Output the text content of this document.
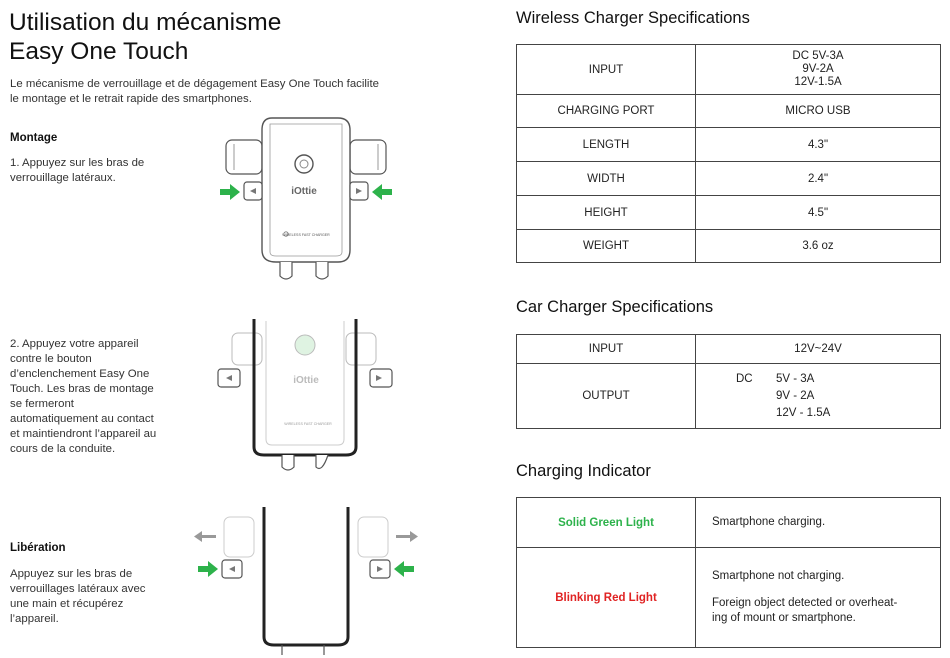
Utilisation du mécanisme
Easy One Touch
Le mécanisme de verrouillage et de dégagement Easy One Touch facilite
le montage et le retrait rapide des smartphones.
Montage
1. Appuyez sur les bras de
verrouillage latéraux.
2. Appuyez votre appareil
contre le bouton
d’enclenchement Easy One
Touch. Les bras de montage
se fermeront
automatiquement au contact
et maintiendront l’appareil au
cours de la conduite.
Libération
Appuyez sur les bras de
verrouillages latéraux avec
une main et récupérez
l’appareil.
iOttie
WIRELESS FAST CHARGER
iOttie
WIRELESS FAST CHARGER
Wireless Charger Specifications
INPUT	DC 5V-3A
9V-2A
12V-1.5A

CHARGING PORT	MICRO USB
LENGTH	4.3"
WIDTH	2.4"
HEIGHT	4.5"
WEIGHT	3.6 oz
Car Charger Specifications
INPUT	12V~24V
OUTPUT	DC 5V - 3A
9V - 2A
12V - 1.5A
Charging Indicator
Solid Green Light	Smartphone charging.
Blinking Red Light	Smartphone not charging.
Foreign object detected or overheat-
ing of mount or smartphone.
